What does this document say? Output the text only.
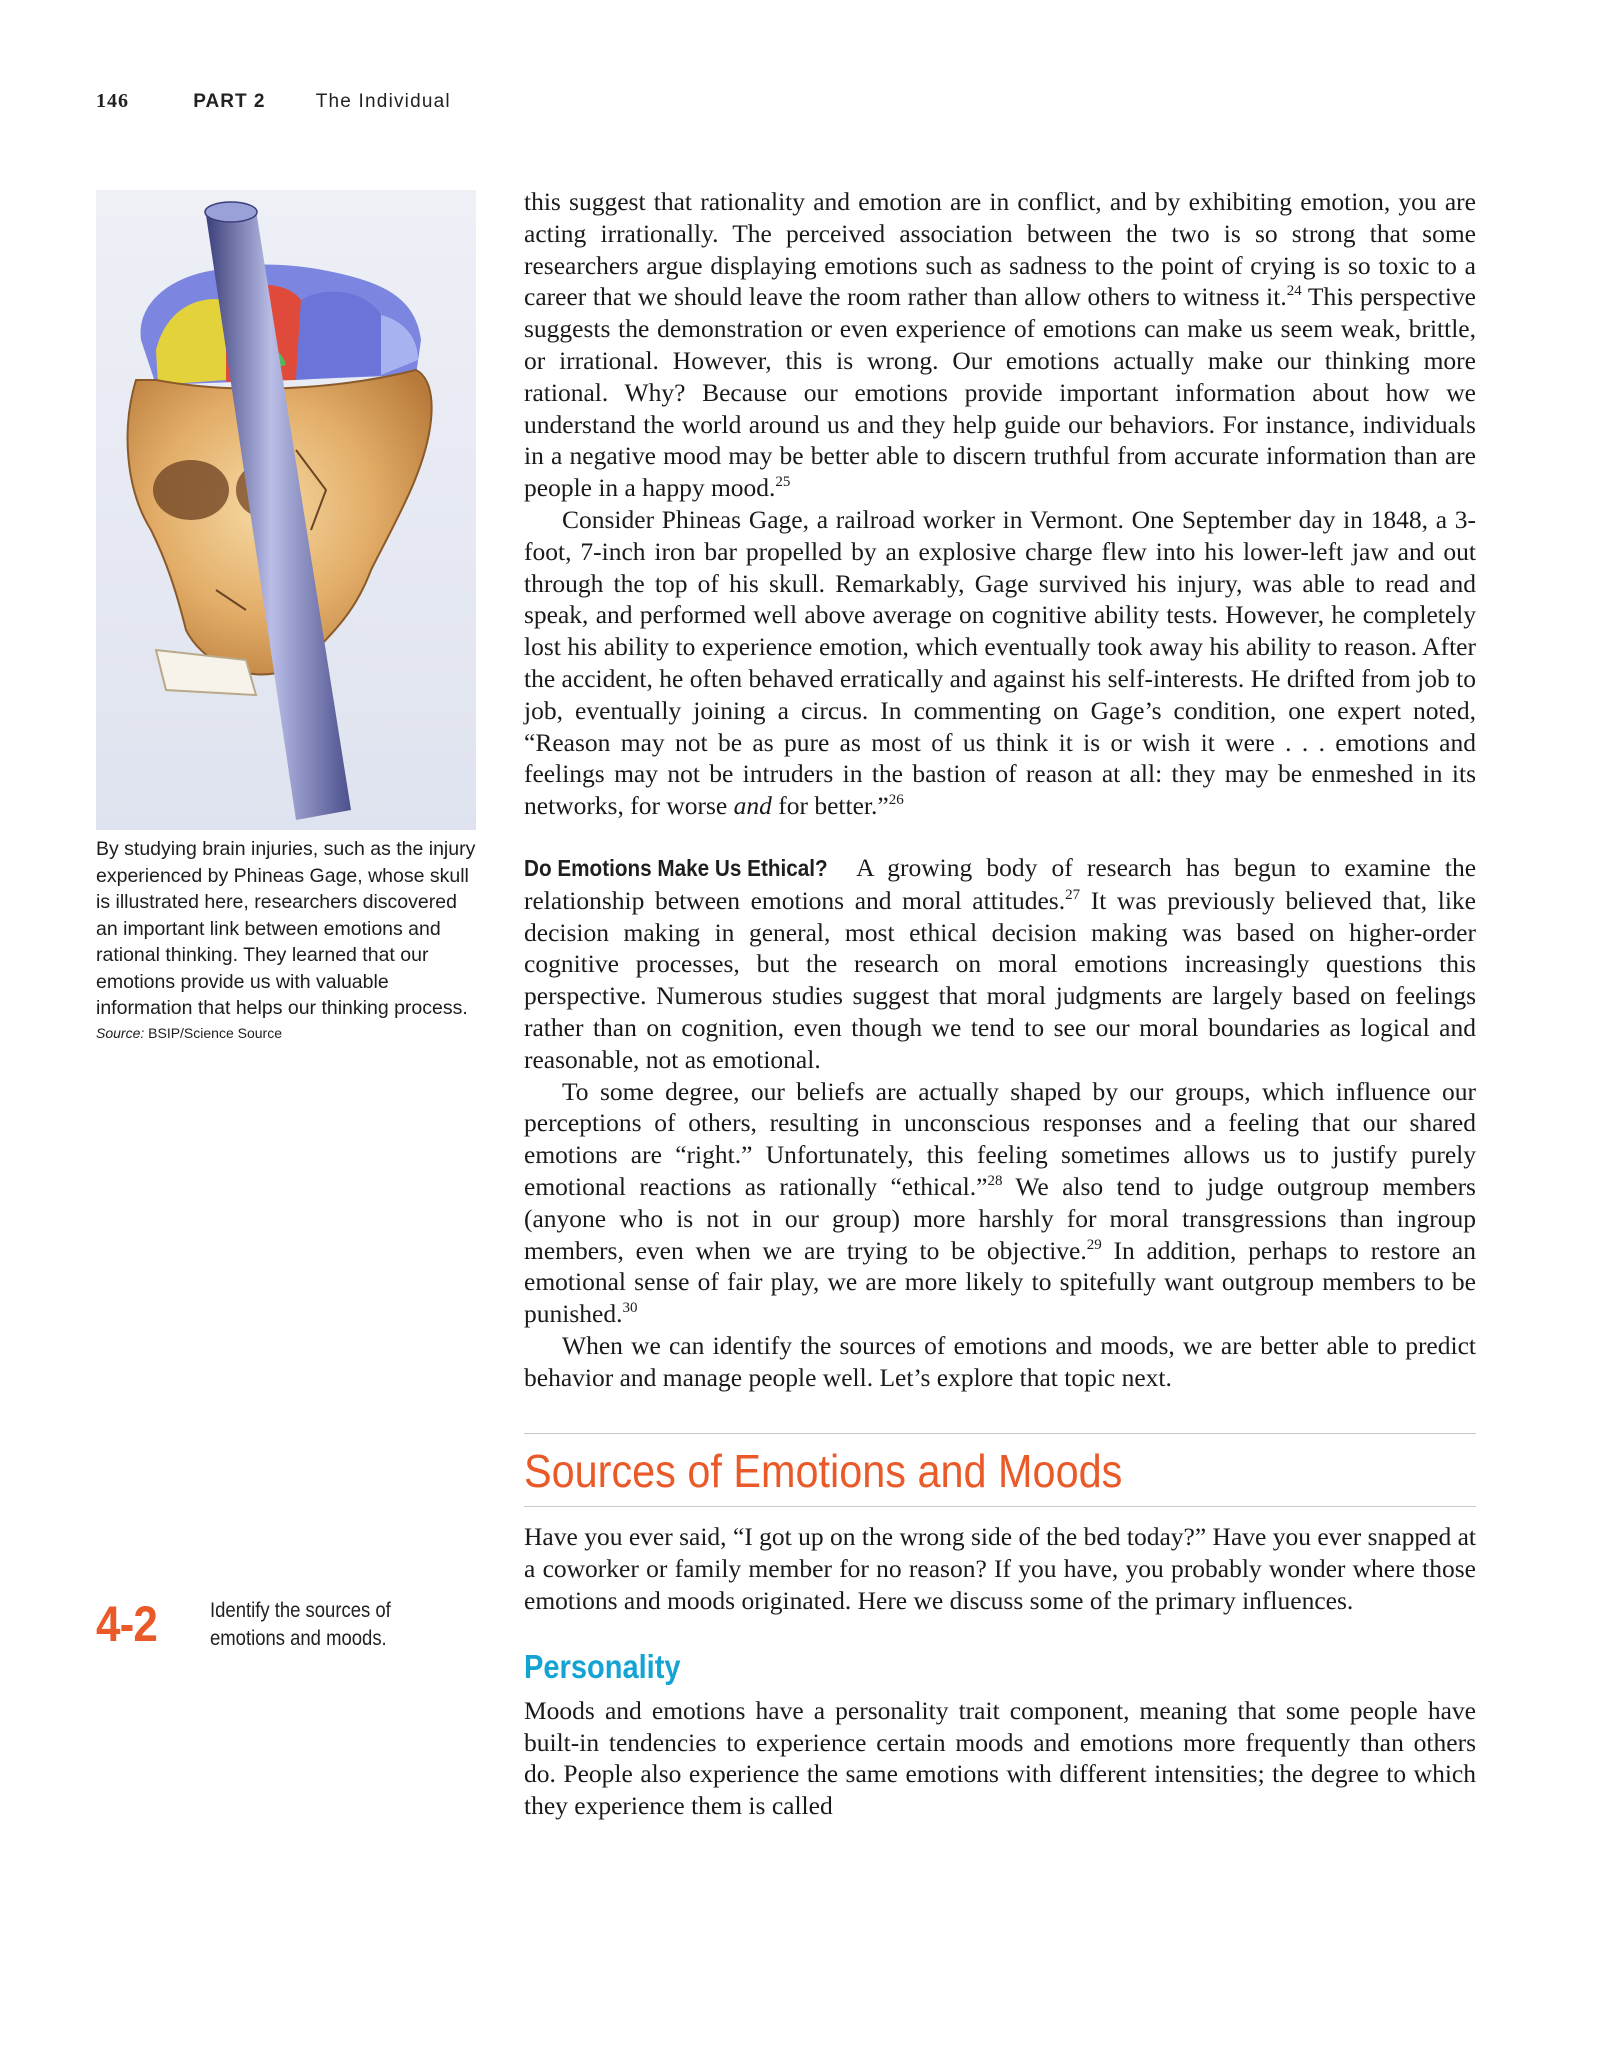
146	PART 2	The Individual
By studying brain injuries, such as the injury experienced by Phineas Gage, whose skull is illustrated here, researchers discovered an important link between emotions and rational thinking. They learned that our emotions provide us with valuable information that helps our thinking process.
Source: BSIP/Science Source
4-2	Identify the sources of
emotions and moods.

this suggest that rationality and emotion are in conflict, and by exhibiting emotion, you are acting irrationally. The perceived association between the two is so strong that some researchers argue displaying emotions such as sadness to the point of crying is so toxic to a career that we should leave the room rather than allow others to witness it.$^{24}$ This perspective suggests the demonstration or even experience of emotions can make us seem weak, brittle, or irrational. However, this is wrong. Our emotions actually make our thinking more rational. Why? Because our emotions provide important information about how we understand the world around us and they help guide our behaviors. For instance, individuals in a negative mood may be better able to discern truthful from accurate information than are people in a happy mood.$^{25}$

Consider Phineas Gage, a railroad worker in Vermont. One September day in 1848, a 3-foot, 7-inch iron bar propelled by an explosive charge flew into his lower-left jaw and out through the top of his skull. Remarkably, Gage survived his injury, was able to read and speak, and performed well above average on cognitive ability tests. However, he completely lost his ability to experience emotion, which eventually took away his ability to reason. After the accident, he often behaved erratically and against his self-interests. He drifted from job to job, eventually joining a circus. In commenting on Gage’s condition, one expert noted, “Reason may not be as pure as most of us think it is or wish it were . . . emotions and feelings may not be intruders in the bastion of reason at all: they may be enmeshed in its networks, for worse and for better.”$^{26}$

Do Emotions Make Us Ethical? A growing body of research has begun to examine the relationship between emotions and moral attitudes.$^{27}$ It was previously believed that, like decision making in general, most ethical decision making was based on higher-order cognitive processes, but the research on moral emotions increasingly questions this perspective. Numerous studies suggest that moral judgments are largely based on feelings rather than on cognition, even though we tend to see our moral boundaries as logical and reasonable, not as emotional.

To some degree, our beliefs are actually shaped by our groups, which influence our perceptions of others, resulting in unconscious responses and a feeling that our shared emotions are “right.” Unfortunately, this feeling sometimes allows us to justify purely emotional reactions as rationally “ethical.”$^{28}$ We also tend to judge outgroup members (anyone who is not in our group) more harshly for moral transgressions than ingroup members, even when we are trying to be objective.$^{29}$ In addition, perhaps to restore an emotional sense of fair play, we are more likely to spitefully want outgroup members to be punished.$^{30}$

When we can identify the sources of emotions and moods, we are better able to predict behavior and manage people well. Let’s explore that topic next.

Sources of Emotions and Moods

Have you ever said, “I got up on the wrong side of the bed today?” Have you ever snapped at a coworker or family member for no reason? If you have, you probably wonder where those emotions and moods originated. Here we discuss some of the primary influences.

Personality

Moods and emotions have a personality trait component, meaning that some people have built-in tendencies to experience certain moods and emotions more frequently than others do. People also experience the same emotions with different intensities; the degree to which they experience them is called
